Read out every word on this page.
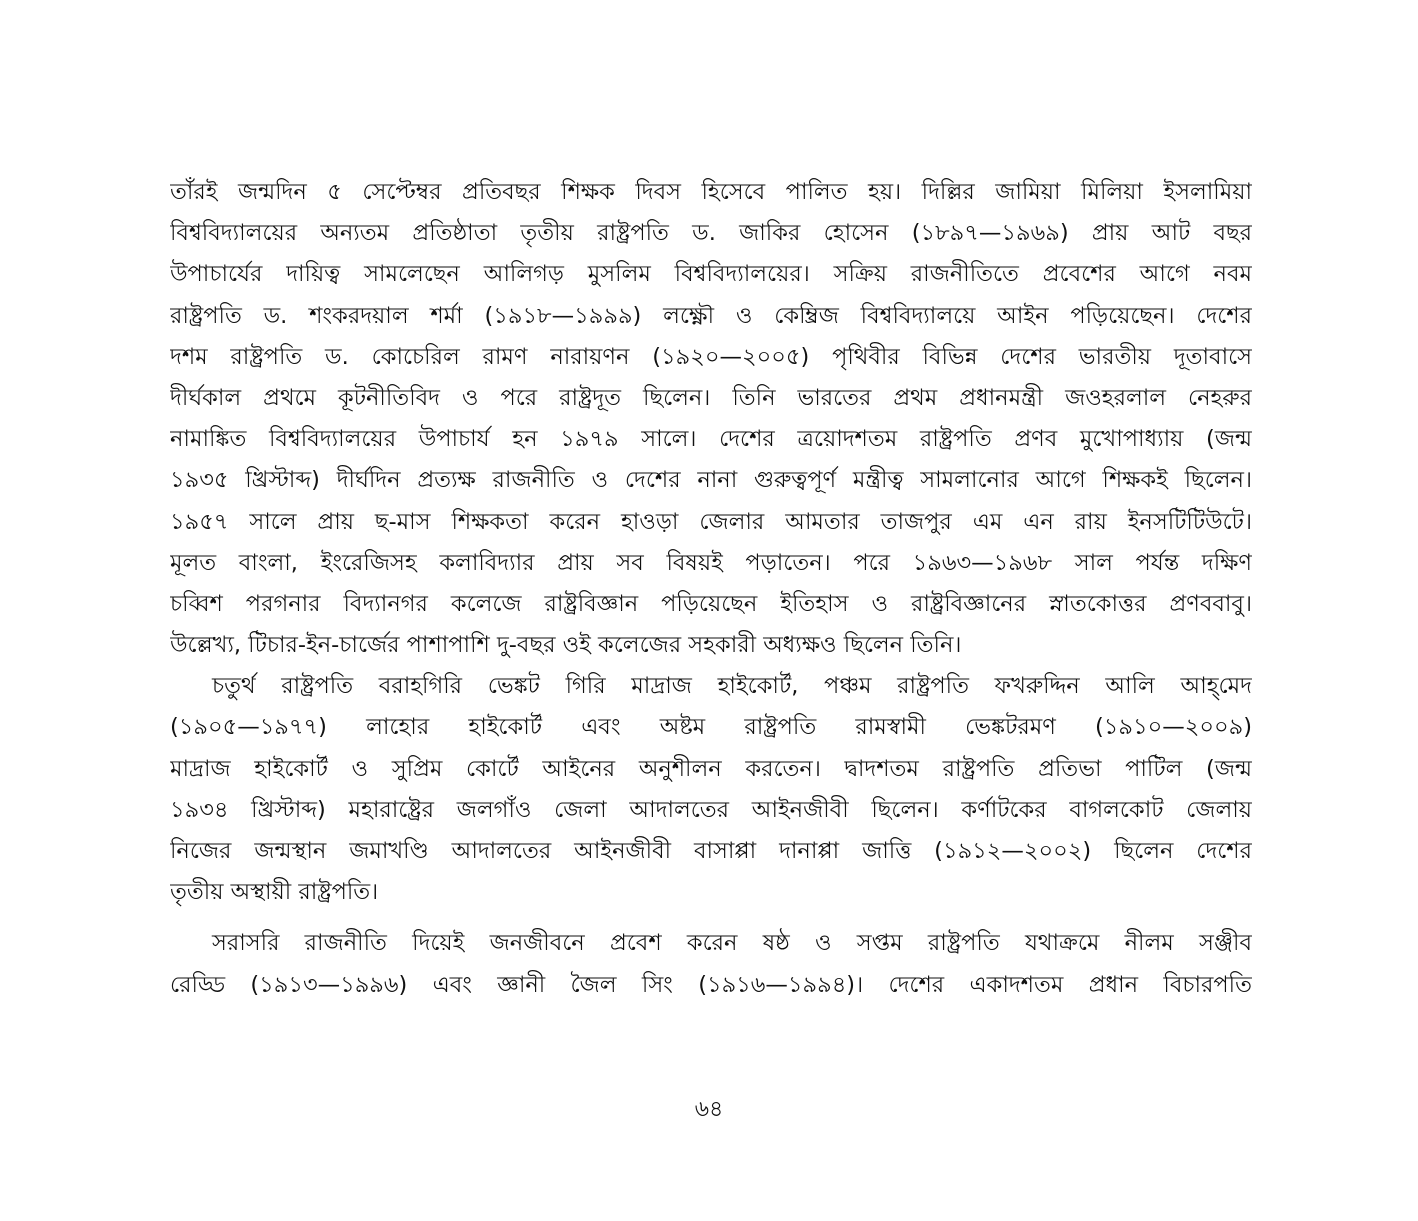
তাঁরই জন্মদিন ৫ সেপ্টেম্বর প্রতিবছর শিক্ষক দিবস হিসেবে পালিত হয়। দিল্লির জামিয়া মিলিয়া ইসলামিয়া
বিশ্ববিদ্যালয়ের অন্যতম প্রতিষ্ঠাতা তৃতীয় রাষ্ট্রপতি ড. জাকির হোসেন (১৮৯৭—১৯৬৯) প্রায় আট বছর
উপাচার্যের দায়িত্ব সামলেছেন আলিগড় মুসলিম বিশ্ববিদ্যালয়ের। সক্রিয় রাজনীতিতে প্রবেশের আগে নবম
রাষ্ট্রপতি ড. শংকরদয়াল শর্মা (১৯১৮—১৯৯৯) লক্ষ্ণৌ ও কেম্ব্রিজ বিশ্ববিদ্যালয়ে আইন পড়িয়েছেন। দেশের
দশম রাষ্ট্রপতি ড. কোচেরিল রামণ নারায়ণন (১৯২০—২০০৫) পৃথিবীর বিভিন্ন দেশের ভারতীয় দূতাবাসে
দীর্ঘকাল প্রথমে কূটনীতিবিদ ও পরে রাষ্ট্রদূত ছিলেন। তিনি ভারতের প্রথম প্রধানমন্ত্রী জওহরলাল নেহরুর
নামাঙ্কিত বিশ্ববিদ্যালয়ের উপাচার্য হন ১৯৭৯ সালে। দেশের ত্রয়োদশতম রাষ্ট্রপতি প্রণব মুখোপাধ্যায় (জন্ম
১৯৩৫ খ্রিস্টাব্দ) দীর্ঘদিন প্রত্যক্ষ রাজনীতি ও দেশের নানা গুরুত্বপূর্ণ মন্ত্রীত্ব সামলানোর আগে শিক্ষকই ছিলেন।
১৯৫৭ সালে প্রায় ছ-মাস শিক্ষকতা করেন হাওড়া জেলার আমতার তাজপুর এম এন রায় ইনসটিটিউটে।
মূলত বাংলা, ইংরেজিসহ কলাবিদ্যার প্রায় সব বিষয়ই পড়াতেন। পরে ১৯৬৩—১৯৬৮ সাল পর্যন্ত দক্ষিণ
চব্বিশ পরগনার বিদ্যানগর কলেজে রাষ্ট্রবিজ্ঞান পড়িয়েছেন ইতিহাস ও রাষ্ট্রবিজ্ঞানের স্নাতকোত্তর প্রণববাবু।
উল্লেখ্য, টিচার-ইন-চার্জের পাশাপাশি দু-বছর ওই কলেজের সহকারী অধ্যক্ষও ছিলেন তিনি।
চতুর্থ রাষ্ট্রপতি বরাহগিরি ভেঙ্কট গিরি মাদ্রাজ হাইকোর্ট, পঞ্চম রাষ্ট্রপতি ফখরুদ্দিন আলি আহ্‌মেদ
(১৯০৫—১৯৭৭) লাহোর হাইকোর্ট এবং অষ্টম রাষ্ট্রপতি রামস্বামী ভেঙ্কটরমণ (১৯১০—২০০৯)
মাদ্রাজ হাইকোর্ট ও সুপ্রিম কোর্টে আইনের অনুশীলন করতেন। দ্বাদশতম রাষ্ট্রপতি প্রতিভা পাটিল (জন্ম
১৯৩৪ খ্রিস্টাব্দ) মহারাষ্ট্রের জলগাঁও জেলা আদালতের আইনজীবী ছিলেন। কর্ণাটকের বাগলকোট জেলায়
নিজের জন্মস্থান জমাখণ্ডি আদালতের আইনজীবী বাসাপ্পা দানাপ্পা জাত্তি (১৯১২—২০০২) ছিলেন দেশের
তৃতীয় অস্থায়ী রাষ্ট্রপতি।
সরাসরি রাজনীতি দিয়েই জনজীবনে প্রবেশ করেন ষষ্ঠ ও সপ্তম রাষ্ট্রপতি যথাক্রমে নীলম সঞ্জীব
রেড্ডি (১৯১৩—১৯৯৬) এবং জ্ঞানী জৈল সিং (১৯১৬—১৯৯৪)। দেশের একাদশতম প্রধান বিচারপতি
৬৪
